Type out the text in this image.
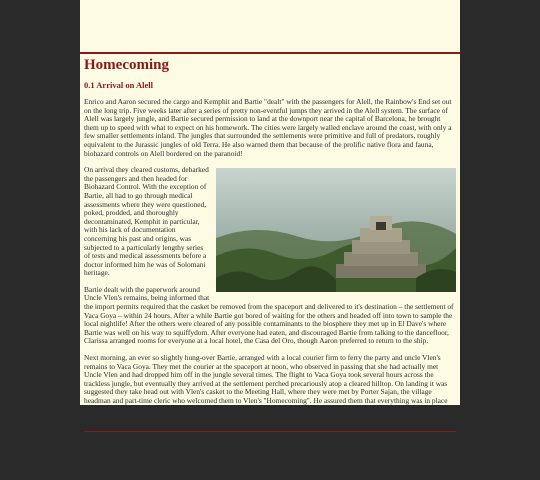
Homecoming
0.1 Arrival on Alell

Enrico and Aaron secured the cargo and Kemphit and Bartie "dealt" with the passengers for Alell, the Rainbow's End set out on the long trip. Five weeks later after a series of pretty non-eventful jumps they arrived in the Alell system. The surface of Alell was largely jungle, and Bartie secured permission to land at the downport near the capital of Barcelona, he brought them up to speed with what to expect on his homework. The cities were largely walled enclave around the coast, with only a few smaller settlements inland. The jungles that surrounded the settlements were primitive and full of predators, roughly equivalent to the Jurassic jungles of old Terra. He also warned them that because of the prolific native flora and fauna, biohazard controls on Alell bordered on the paranoid!

On arrival they cleared customs, debarked the passengers and then headed for Biohazard Control. With the exception of Bartie, all had to go through medical assessments where they were questioned, poked, prodded, and thoroughly decontaminated, Kemphit in particular, with his lack of documentation concerning his past and origins, was subjected to a particularly lengthy series of tests and medical assessments before a doctor informed him he was of Solomani heritage.

Bartie dealt with the paperwork around Uncle Vlen's remains, being informed that the import permits required that the casket be removed from the spaceport and delivered to it's destination – the settlement of Vaca Goya – within 24 hours. After a while Bartie got bored of waiting for the others and headed off into town to sample the local nightlife! After the others were cleared of any possible contaminants to the biosphere they met up in El Dave's where Bartie was well on his way to squiffydom. After everyone had eaten, and discouraged Bartie from talking to the dancefloor, Clarissa arranged rooms for everyone at a local hotel, the Casa del Oro, though Aaron preferred to return to the ship.

Next morning, an ever so slightly hung-over Bartie, arranged with a local courier firm to ferry the party and uncle Vlen's remains to Vaca Goya. They met the courier at the spaceport at noon, who observed in passing that she had actually met Uncle Vlen and had dropped him off in the jungle several times. The flight to Vaca Goya took several hours across the trackless jungle, but eventually they arrived at the settlement perched precariously atop a cleared hilltop. On landing it was suggested they take head out with Vlen's casket to the Meeting Hall, where they were met by Porter Sajan, the village headman and part-time cleric who welcomed them to Vlen's "Homecoming". He assured them that everything was in place and the mourners had assembled, though he did seem slightly wrong-footed when after he had asked Bartie for Vlen's will, Bartie told him he didn't have it!

Entering the Meeting Hall, they looked around. Apart from the enthusiastic local who had turned up for the free beer and food, there were several distinct groups of mourners. One set, Bartie immediately recognised as Backetts – his remote cousins. Another group was dominated by a loud-mouthed woman who appeared to be complaining about something – presumably another set of more distant
